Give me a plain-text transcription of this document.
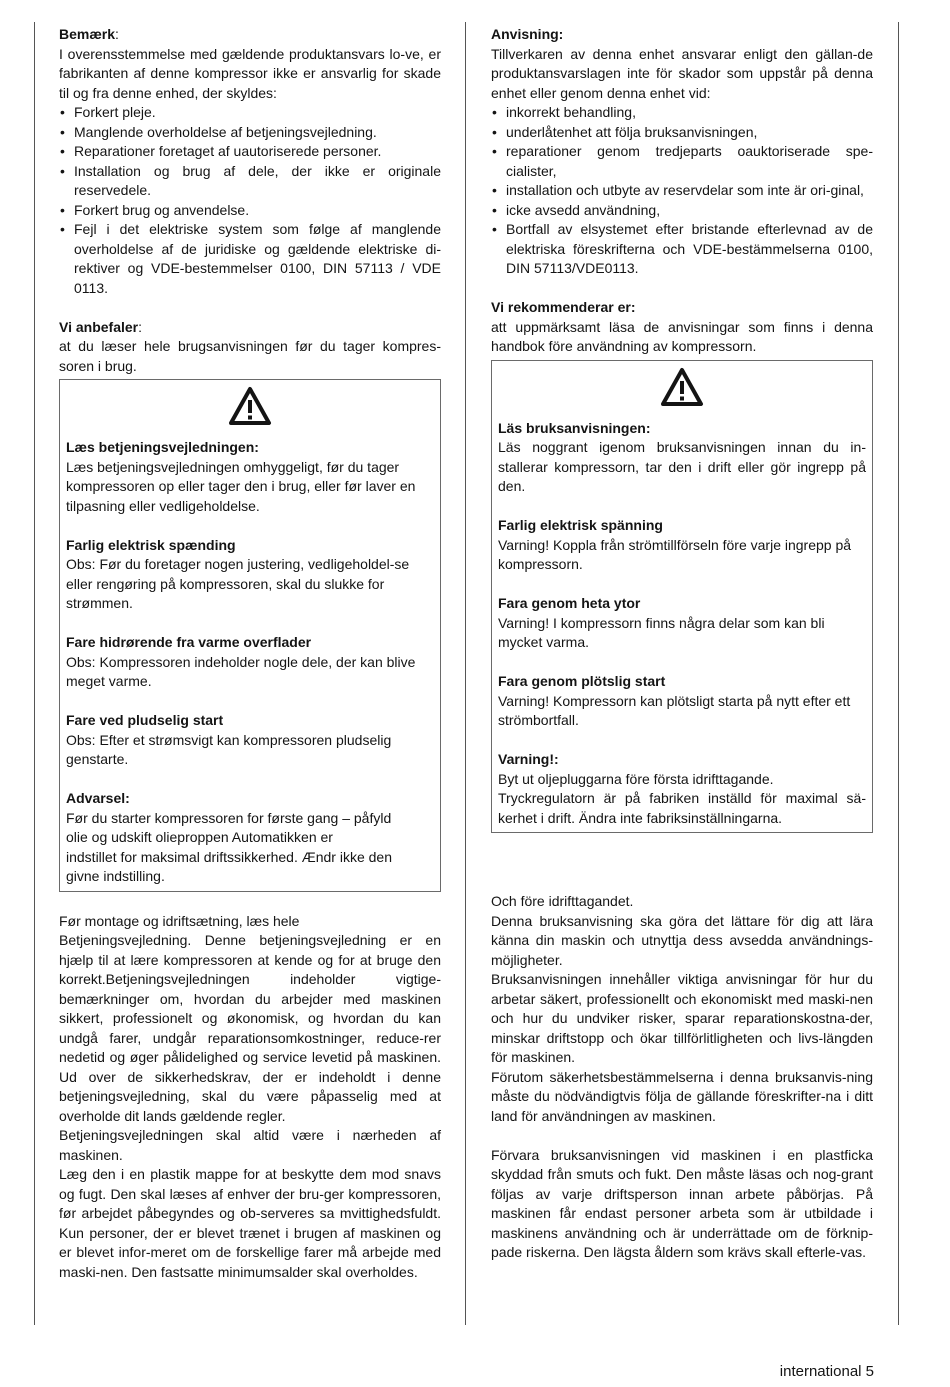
Bemærk:

I overensstemmelse med gældende produktansvars lo-ve, er fabrikanten af denne kompressor ikke er ansvarlig for skade til og fra denne enhed, der skyldes:

• Forkert pleje.
• Manglende overholdelse af betjeningsvejledning.
• Reparationer foretaget af uautoriserede personer.
• Installation og brug af dele, der ikke er originale reservedele.
• Forkert brug og anvendelse.
• Fejl i det elektriske system som følge af manglende overholdelse af de juridiske og gældende elektriske di-rektiver og VDE-bestemmelser 0100, DIN 57113 / VDE 0113.

Vi anbefaler:

at du læser hele brugsanvisningen før du tager kompres-soren i brug.

Læs betjeningsvejledningen:

Læs betjeningsvejledningen omhyggeligt, før du tager kompressoren op eller tager den i brug, eller før laver en tilpasning eller vedligeholdelse.

Farlig elektrisk spænding

Obs: Før du foretager nogen justering, vedligeholdel-se eller rengøring på kompressoren, skal du slukke for strømmen.

Fare hidrørende fra varme overflader

Obs: Kompressoren indeholder nogle dele, der kan blive meget varme.

Fare ved pludselig start

Obs: Efter et strømsvigt kan kompressoren pludselig genstarte.

Advarsel:

Før du starter kompressoren for første gang – påfyld

olie og udskift olieproppen Automatikken er

indstillet for maksimal driftssikkerhed. Ændr ikke den

givne indstilling.

Før montage og idriftsætning, læs hele

Betjeningsvejledning. Denne betjeningsvejledning er en hjælp til at lære kompressoren at kende og for at bruge den korrekt.Betjeningsvejledningen indeholder vigtige-bemærkninger om, hvordan du arbejder med maskinen sikkert, professionelt og økonomisk, og hvordan du kan undgå farer, undgår reparationsomkostninger, reduce-rer nedetid og øger pålidelighed og service levetid på maskinen. Ud over de sikkerhedskrav, der er indeholdt i denne betjeningsvejledning, skal du være påpasselig med at overholde dit lands gældende regler.

Betjeningsvejledningen skal altid være i nærheden af maskinen.

Læg den i en plastik mappe for at beskytte dem mod snavs og fugt. Den skal læses af enhver der bru-ger kompressoren, før arbejdet påbegyndes og ob-serveres sa mvittighedsfuldt. Kun personer, der er blevet trænet i brugen af maskinen og er blevet infor-meret om de forskellige farer må arbejde med maski-nen. Den fastsatte minimumsalder skal overholdes.

Anvisning:

Tillverkaren av denna enhet ansvarar enligt den gällan-de produktansvarslagen inte för skador som uppstår på denna enhet eller genom denna enhet vid:

• inkorrekt behandling,
• underlåtenhet att följa bruksanvisningen,
• reparationer genom tredjeparts oauktoriserade spe-cialister,
• installation och utbyte av reservdelar som inte är ori-ginal,
• icke avsedd användning,
• Bortfall av elsystemet efter bristande efterlevnad av de elektriska föreskrifterna och VDE-bestämmelserna 0100, DIN 57113/VDE0113.

Vi rekommenderar er:

att uppmärksamt läsa de anvisningar som finns i denna handbok före användning av kompressorn.

Läs bruksanvisningen:

Läs noggrant igenom bruksanvisningen innan du in-stallerar kompressorn, tar den i drift eller gör ingrepp på den.

Farlig elektrisk spänning

Varning! Koppla från strömtillförseln före varje ingrepp på kompressorn.

Fara genom heta ytor

Varning! I kompressorn finns några delar som kan bli mycket varma.

Fara genom plötslig start

Varning! Kompressorn kan plötsligt starta på nytt efter ett strömbortfall.

Varning!:

Byt ut oljepluggarna före första idrifttagande.

Tryckregulatorn är på fabriken inställd för maximal sä-kerhet i drift. Ändra inte fabriksinställningarna.

Och före idrifttagandet.

Denna bruksanvisning ska göra det lättare för dig att lära känna din maskin och utnyttja dess avsedda användnings-möjligheter.

Bruksanvisningen innehåller viktiga anvisningar för hur du arbetar säkert, professionellt och ekonomiskt med maski-nen och hur du undviker risker, sparar reparationskostna-der, minskar driftstopp och ökar tillförlitligheten och livs-längden för maskinen.

Förutom säkerhetsbestämmelserna i denna bruksanvis-ning måste du nödvändigtvis följa de gällande föreskrifter-na i ditt land för användningen av maskinen.

Förvara bruksanvisningen vid maskinen i en plastficka skyddad från smuts och fukt. Den måste läsas och nog-grant följas av varje driftsperson innan arbete påbörjas. På maskinen får endast personer arbeta som är utbildade i maskinens användning och är underrättade om de förknip-pade riskerna. Den lägsta åldern som krävs skall efterle-vas.

international 5
